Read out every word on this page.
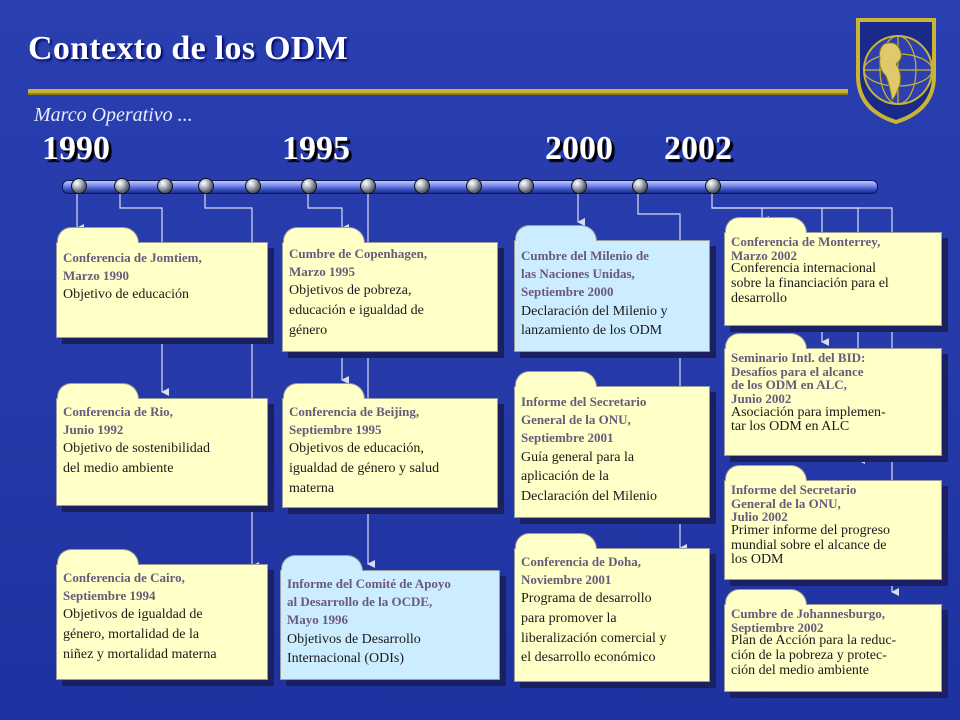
Contexto de los ODM
Marco Operativo ...
1990	1995	2000 2002
Conferencia de Jomtiem,
Marzo 1990
Objetivo de educación
Conferencia de Rio,
Junio 1992
Objetivo de sostenibilidad
del medio ambiente
Conferencia de Cairo,
Septiembre 1994
Objetivos de igualdad de
género, mortalidad de la
niñez y mortalidad materna
Cumbre de Copenhagen,
Marzo 1995
Objetivos de pobreza,
educación e igualdad de
género
Conferencia de Beijing,
Septiembre 1995
Objetivos de educación,
igualdad de género y salud
materna
Informe del Comité de Apoyo
al Desarrollo de la OCDE,
Mayo 1996
Objetivos de Desarrollo
Internacional (ODIs)
Cumbre del Milenio de
las Naciones Unidas,
Septiembre 2000
Declaración del Milenio y
lanzamiento de los ODM
Informe del Secretario
General de la ONU,
Septiembre 2001
Guía general para la
aplicación de la
Declaración del Milenio
Conferencia de Doha,
Noviembre 2001
Programa de desarrollo
para promover la
liberalización comercial y
el desarrollo económico
Conferencia de Monterrey,
Marzo 2002
Conferencia internacional
sobre la financiación para el
desarrollo
Seminario Intl. del BID:
Desafíos para el alcance
de los ODM en ALC,
Junio 2002
Asociación para implemen-
tar los ODM en ALC
Informe del Secretario
General de la ONU,
Julio 2002
Primer informe del progreso
mundial sobre el alcance de
los ODM
Cumbre de Johannesburgo,
Septiembre 2002
Plan de Acción para la reduc-
ción de la pobreza y protec-
ción del medio ambiente
